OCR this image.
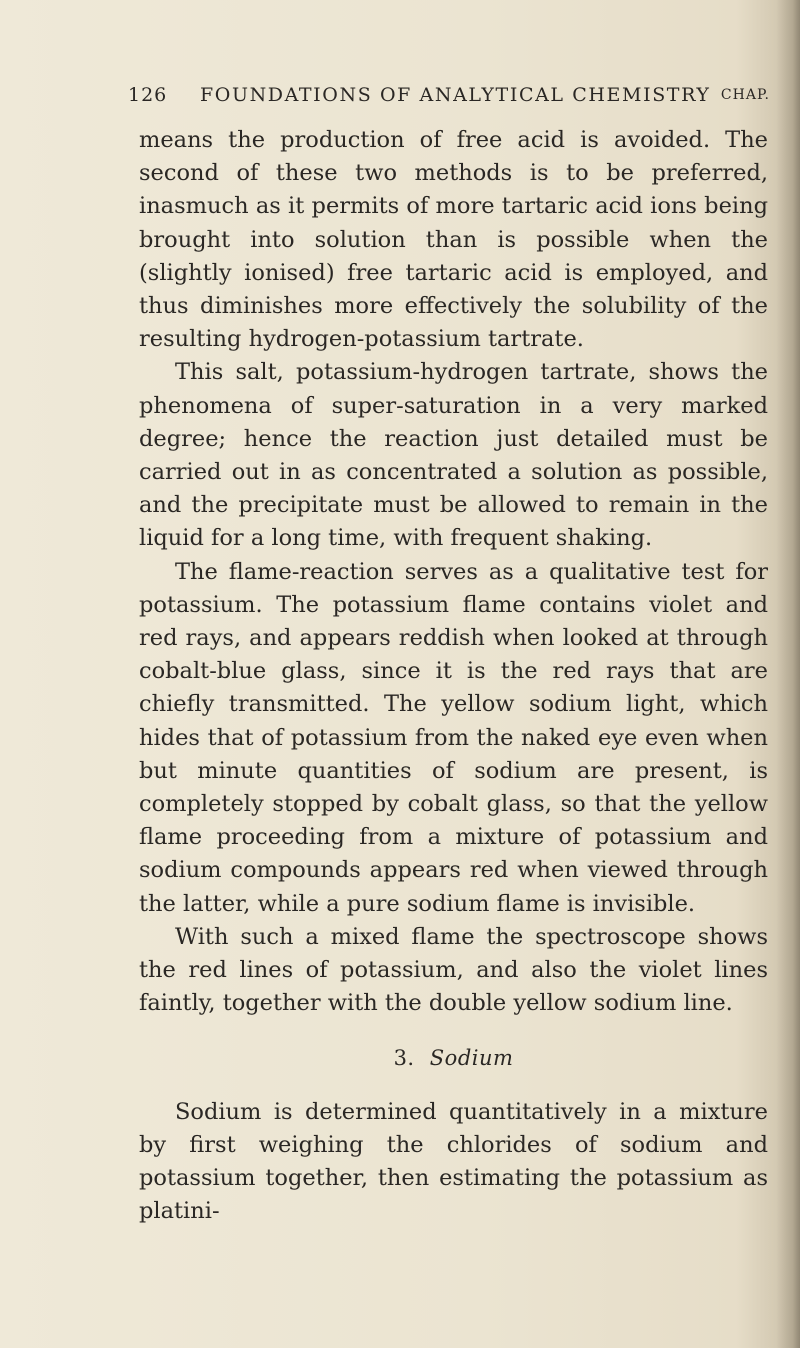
126 FOUNDATIONS OF ANALYTICAL CHEMISTRY CHAP.

means the production of free acid is avoided. The second of these two methods is to be preferred, inasmuch as it permits of more tartaric acid ions being brought into solution than is possible when the (slightly ionised) free tartaric acid is employed, and thus diminishes more effectively the solubility of the resulting hydrogen-potassium tartrate.

This salt, potassium-hydrogen tartrate, shows the phenomena of super-saturation in a very marked degree; hence the reaction just detailed must be carried out in as concentrated a solution as possible, and the precipitate must be allowed to remain in the liquid for a long time, with frequent shaking.

The flame-reaction serves as a qualitative test for potassium. The potassium flame contains violet and red rays, and appears reddish when looked at through cobalt-blue glass, since it is the red rays that are chiefly transmitted. The yellow sodium light, which hides that of potassium from the naked eye even when but minute quantities of sodium are present, is completely stopped by cobalt glass, so that the yellow flame proceeding from a mixture of potassium and sodium compounds appears red when viewed through the latter, while a pure sodium flame is invisible.

With such a mixed flame the spectroscope shows the red lines of potassium, and also the violet lines faintly, together with the double yellow sodium line.

3. Sodium

Sodium is determined quantitatively in a mixture by first weighing the chlorides of sodium and potassium together, then estimating the potassium as platini-
